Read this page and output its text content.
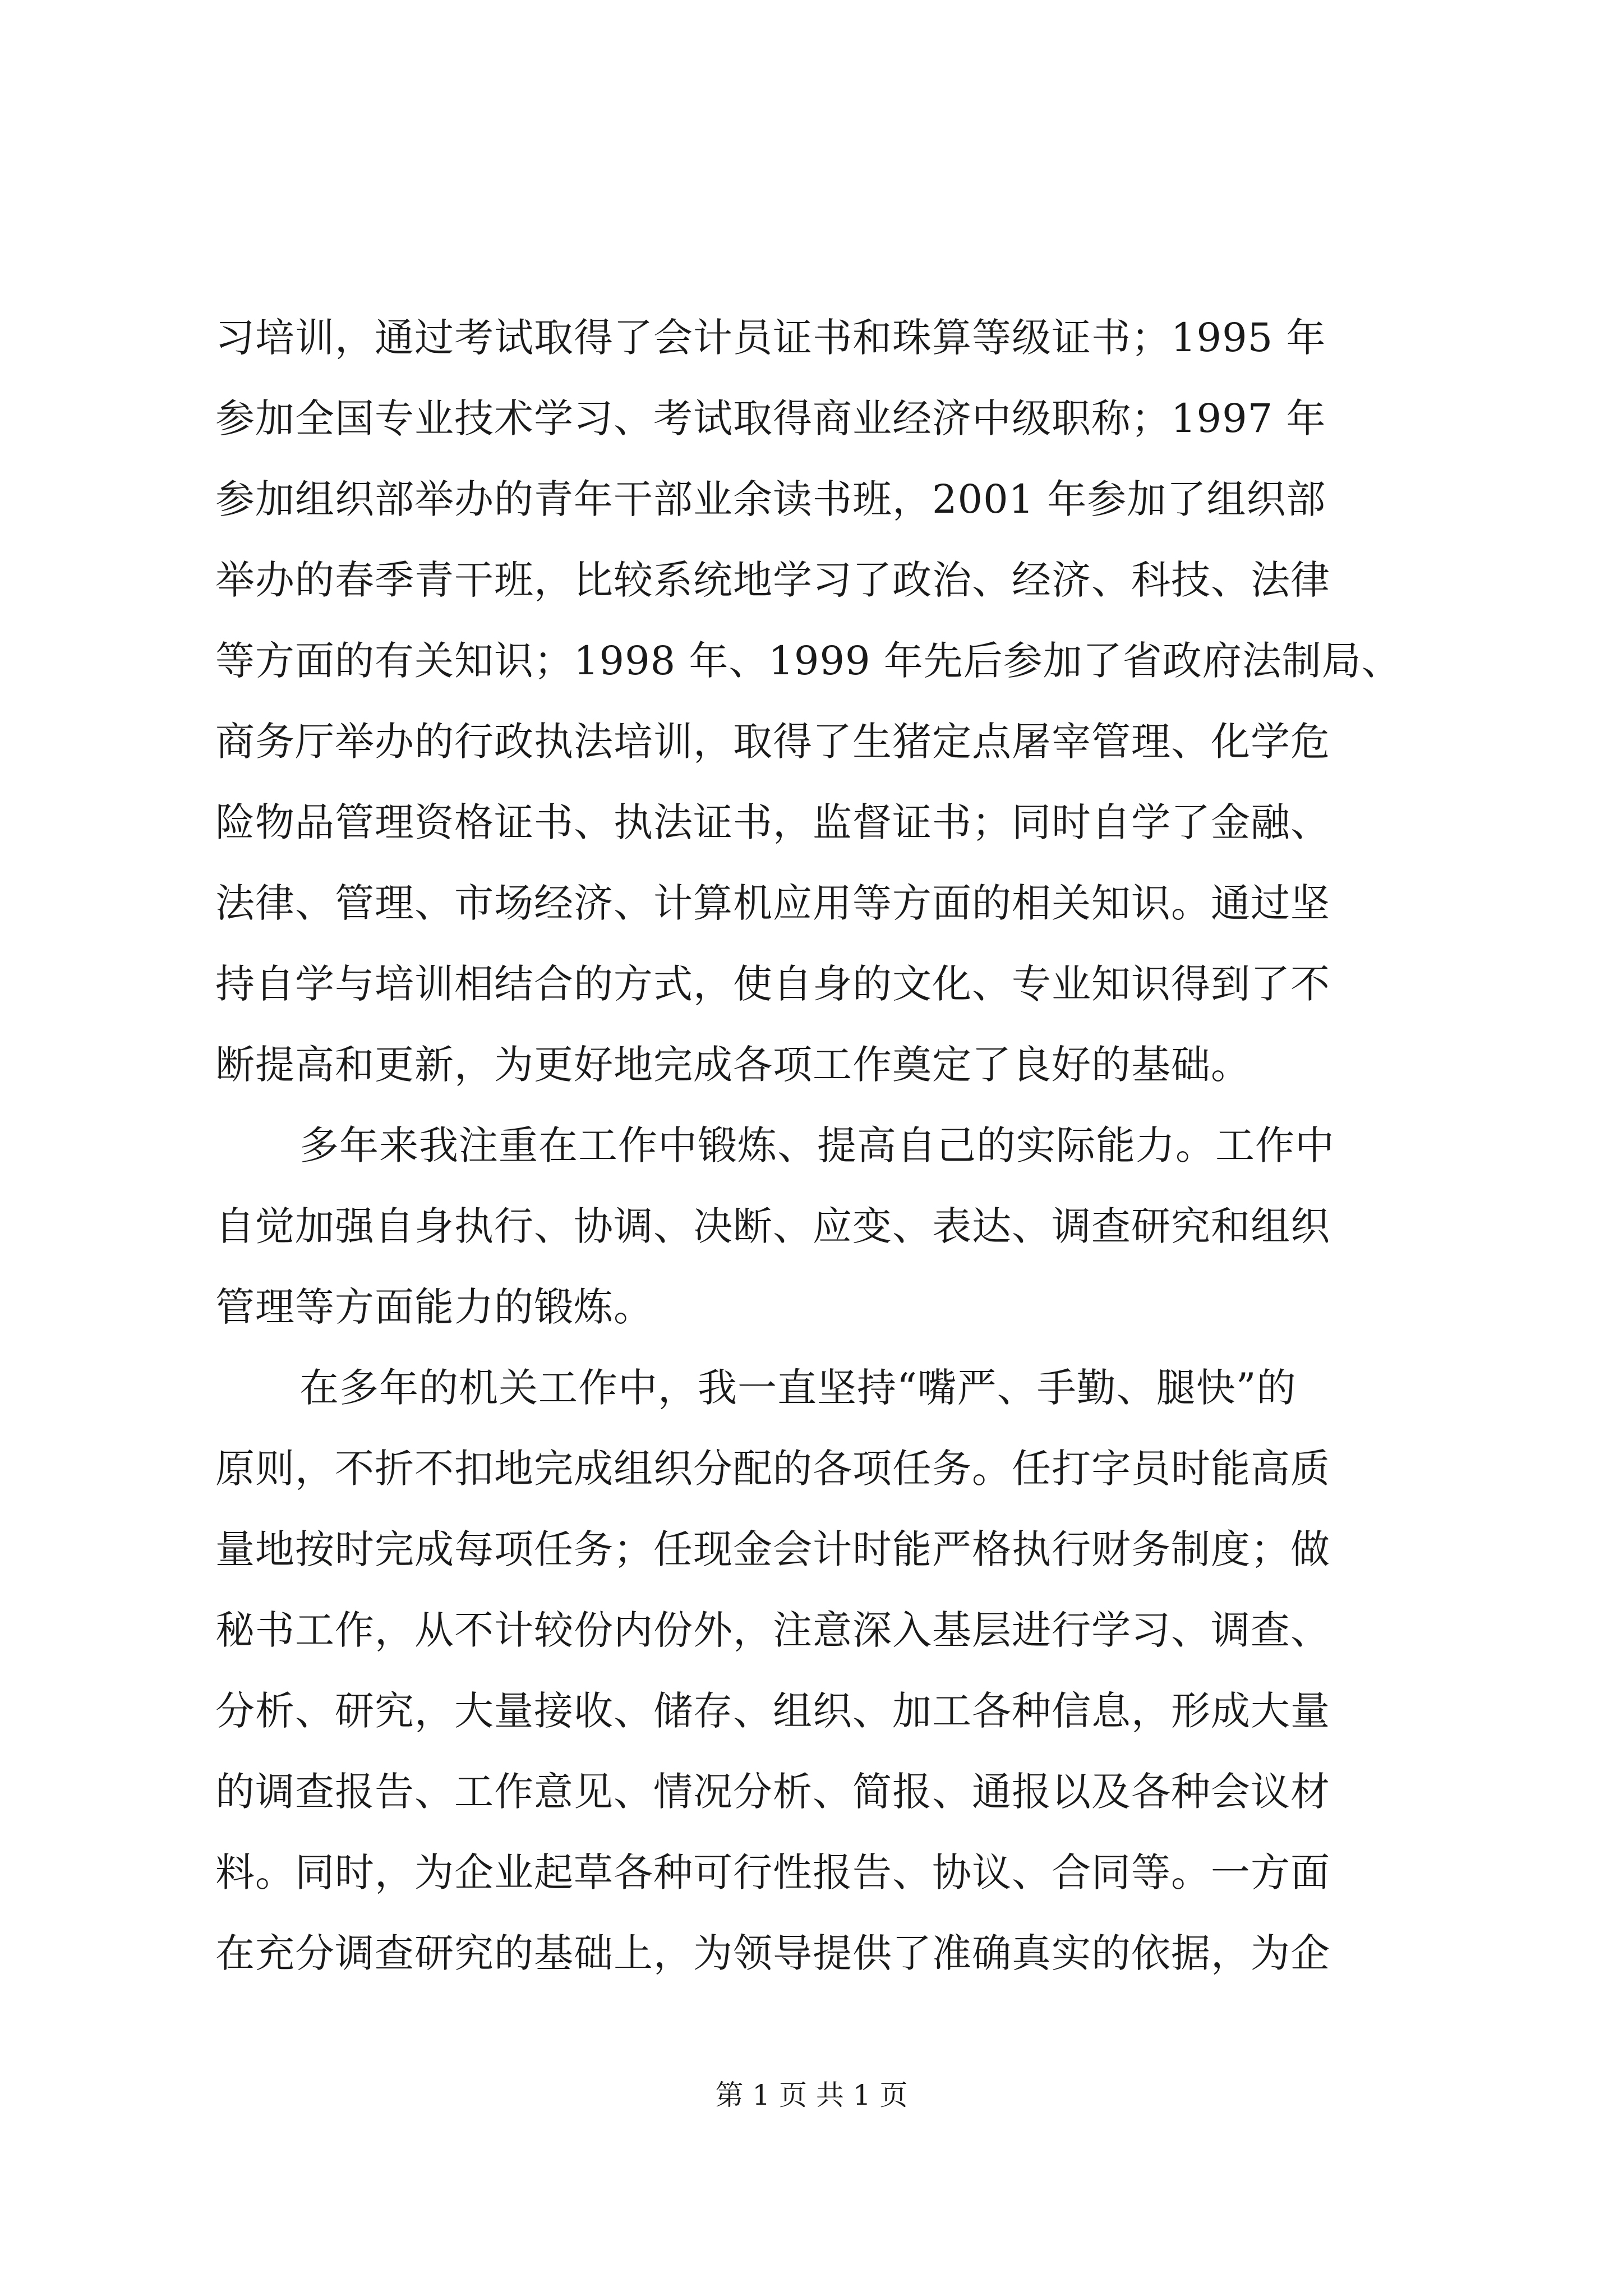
习培训，通过考试取得了会计员证书和珠算等级证书；1995 年
参加全国专业技术学习、考试取得商业经济中级职称；1997 年
参加组织部举办的青年干部业余读书班，2001 年参加了组织部
举办的春季青干班，比较系统地学习了政治、经济、科技、法律
等方面的有关知识；1998 年、1999 年先后参加了省政府法制局、
商务厅举办的行政执法培训，取得了生猪定点屠宰管理、化学危
险物品管理资格证书、执法证书，监督证书；同时自学了金融、
法律、管理、市场经济、计算机应用等方面的相关知识。通过坚
持自学与培训相结合的方式，使自身的文化、专业知识得到了不
断提高和更新，为更好地完成各项工作奠定了良好的基础。
多年来我注重在工作中锻炼、提高自己的实际能力。工作中
自觉加强自身执行、协调、决断、应变、表达、调查研究和组织
管理等方面能力的锻炼。
在多年的机关工作中，我一直坚持“嘴严、手勤、腿快”的
原则，不折不扣地完成组织分配的各项任务。任打字员时能高质
量地按时完成每项任务；任现金会计时能严格执行财务制度；做
秘书工作，从不计较份内份外，注意深入基层进行学习、调查、
分析、研究，大量接收、储存、组织、加工各种信息，形成大量
的调查报告、工作意见、情况分析、简报、通报以及各种会议材
料。同时，为企业起草各种可行性报告、协议、合同等。一方面
在充分调查研究的基础上，为领导提供了准确真实的依据，为企
第 1 页 共 1 页
